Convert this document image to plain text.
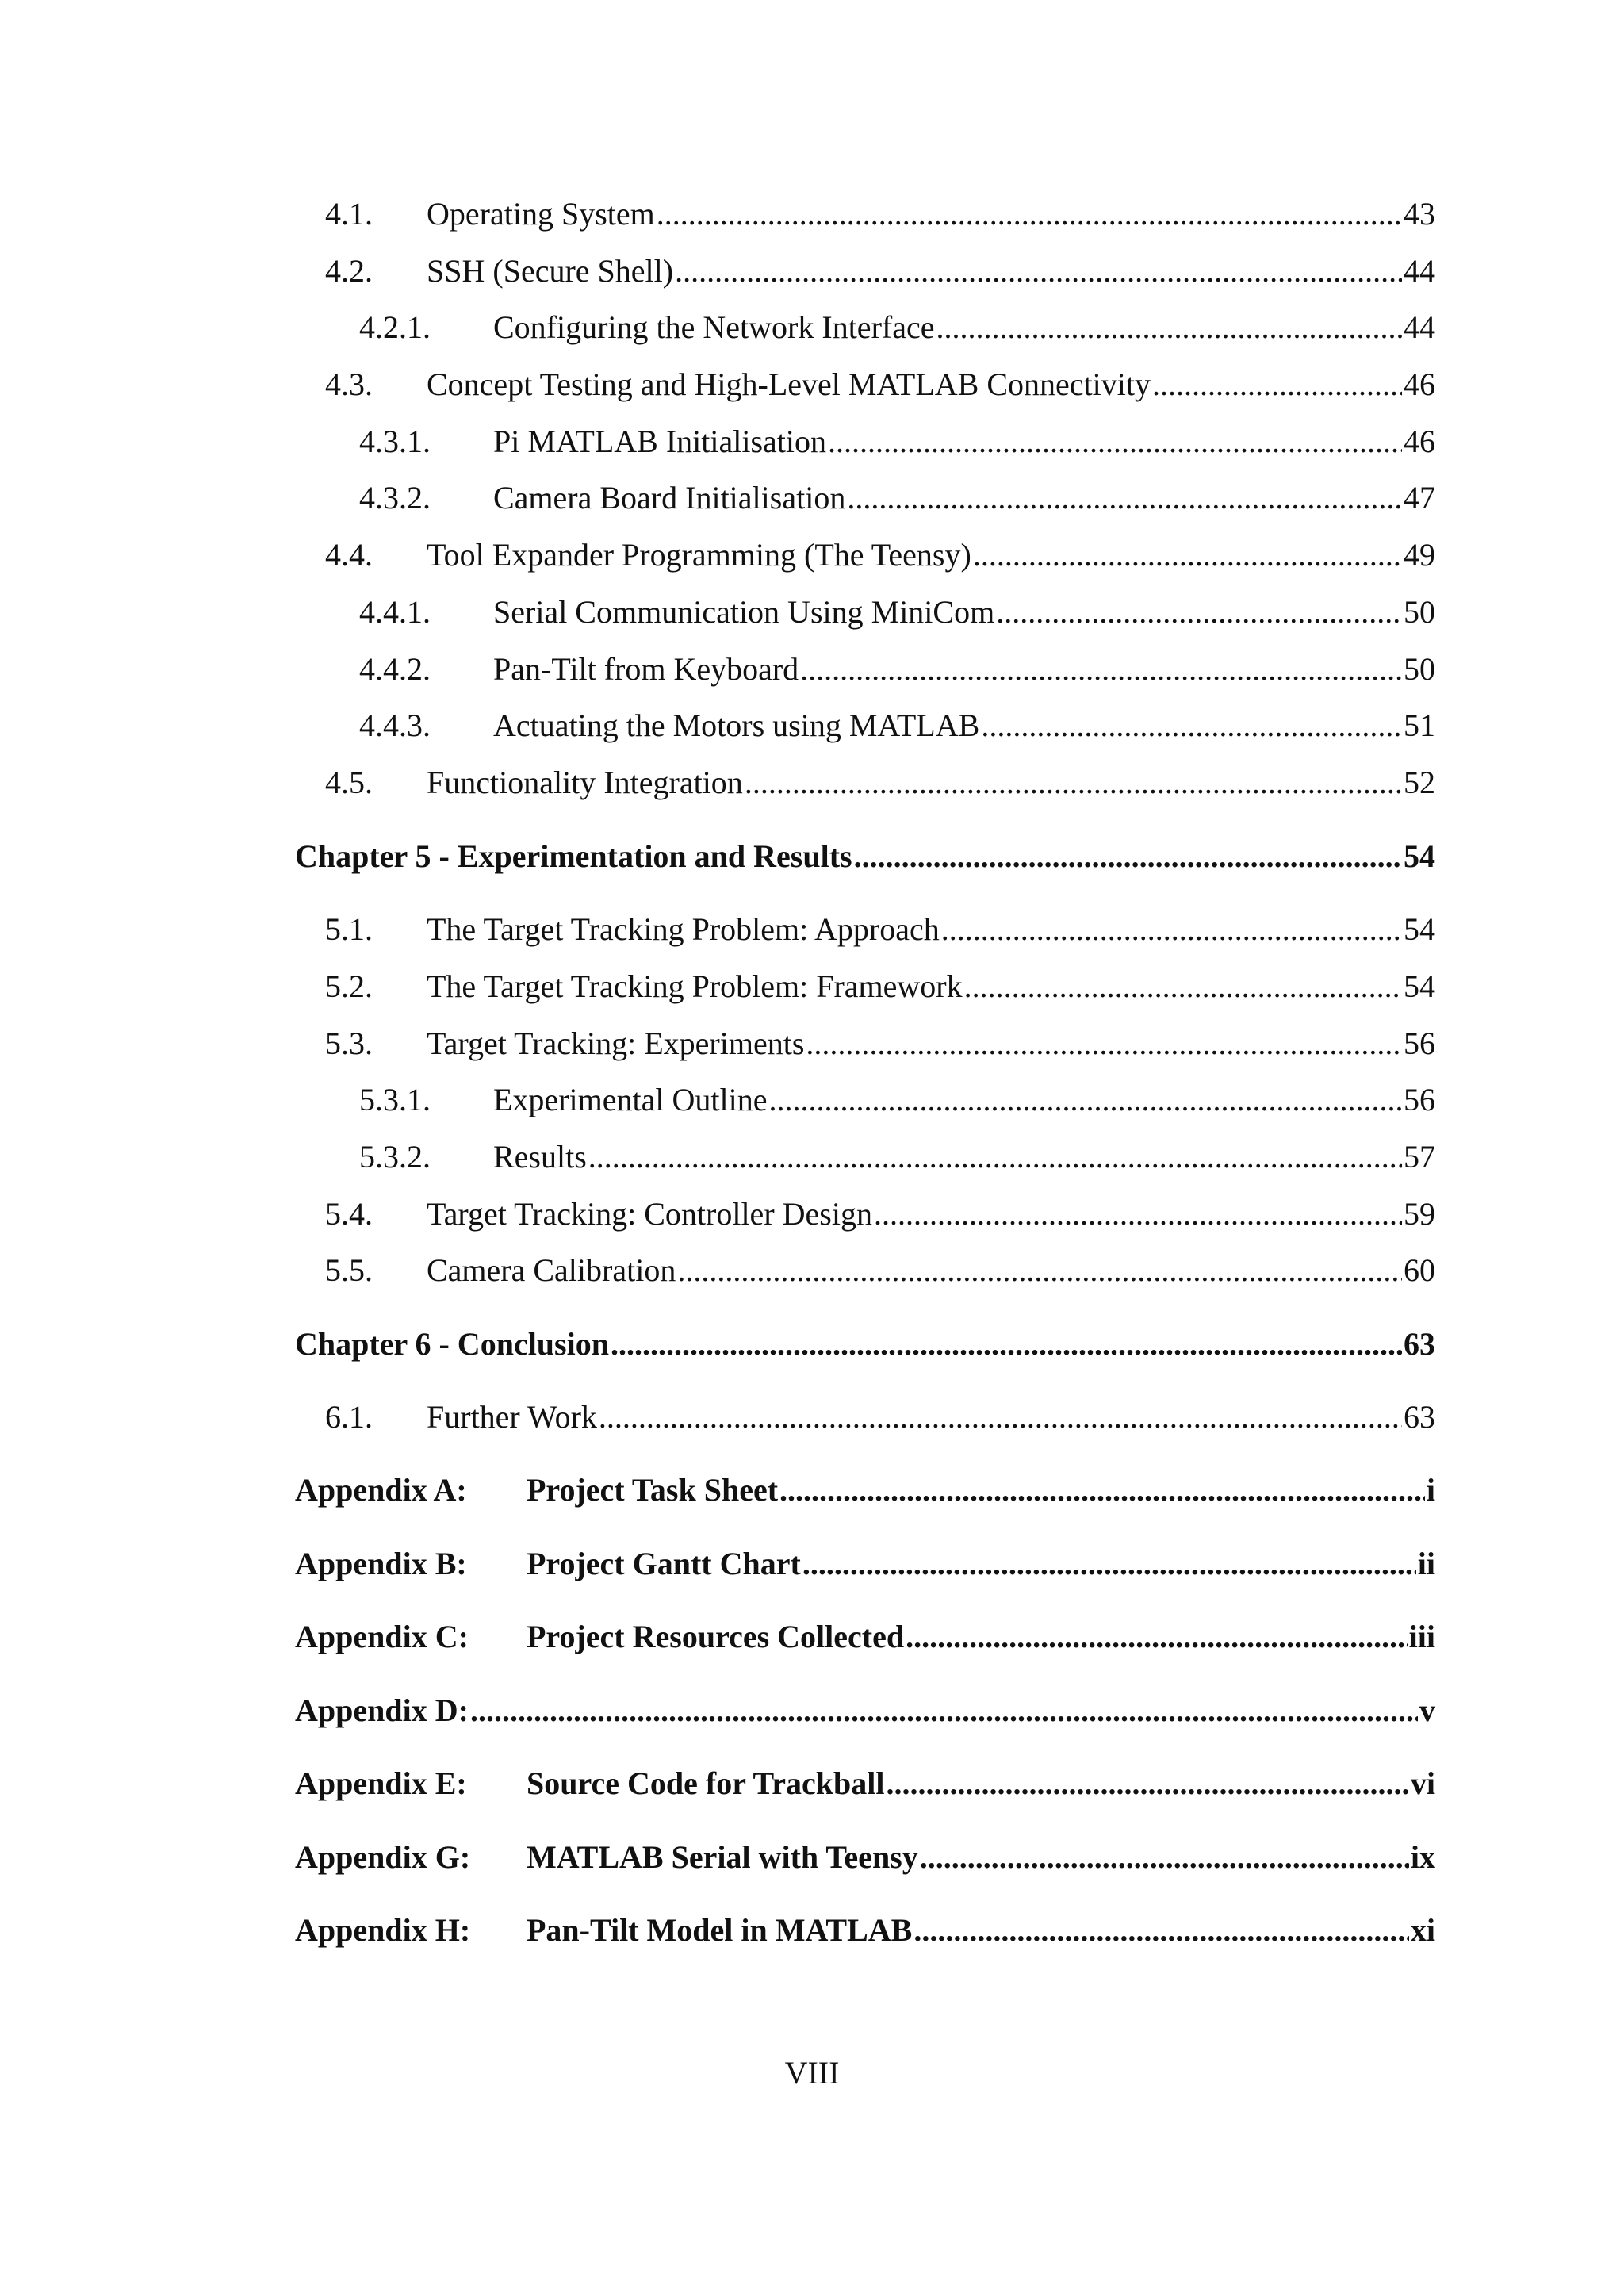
4.1.	Operating System .....	43
4.2.	SSH (Secure Shell) .....	44
4.2.1.	Configuring the Network Interface .....	44
4.3.	Concept Testing and High-Level MATLAB Connectivity .....	46
4.3.1.	Pi MATLAB Initialisation .....	46
4.3.2.	Camera Board Initialisation .....	47
4.4.	Tool Expander Programming (The Teensy) .....	49
4.4.1.	Serial Communication Using MiniCom .....	50
4.4.2.	Pan-Tilt from Keyboard .....	50
4.4.3.	Actuating the Motors using MATLAB .....	51
4.5.	Functionality Integration .....	52
Chapter 5 - Experimentation and Results .....	54
5.1.	The Target Tracking Problem: Approach .....	54
5.2.	The Target Tracking Problem: Framework .....	54
5.3.	Target Tracking: Experiments .....	56
5.3.1.	Experimental Outline .....	56
5.3.2.	Results .....	57
5.4.	Target Tracking: Controller Design .....	59
5.5.	Camera Calibration .....	60
Chapter 6 - Conclusion .....	63
6.1.	Further Work .....	63
Appendix A:	Project Task Sheet .....	i
Appendix B:	Project Gantt Chart .....	ii
Appendix C:	Project Resources Collected .....	iii
Appendix D: .....	v
Appendix E:	Source Code for Trackball .....	vi
Appendix G:	MATLAB Serial with Teensy .....	ix
Appendix H:	Pan-Tilt Model in MATLAB .....	xi
VIII
